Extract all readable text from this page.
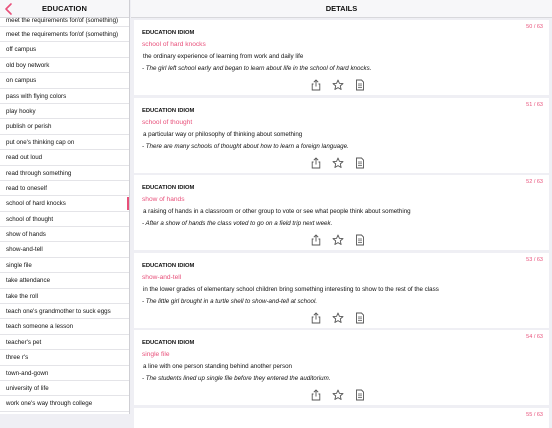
EDUCATION
meet the requirements for/of (something)
meet the requirements for/of (something)
off campus
old boy network
on campus
pass with flying colors
play hooky
publish or perish
put one's thinking cap on
read out loud
read through something
read to oneself
school of hard knocks
school of thought
show of hands
show-and-tell
single file
take attendance
take the roll
teach one's grandmother to suck eggs
teach someone a lesson
teacher's pet
three r's
town-and-gown
university of life
work one's way through college
DETAILS
50 / 63
EDUCATION IDIOM
school of hard knocks
the ordinary experience of learning from work and daily life
- The girl left school early and began to learn about life in the school of hard knocks.
51 / 63
EDUCATION IDIOM
school of thought
a particular way or philosophy of thinking about something
- There are many schools of thought about how to learn a foreign language.
52 / 63
EDUCATION IDIOM
show of hands
a raising of hands in a classroom or other group to vote or see what people think about something
- After a show of hands the class voted to go on a field trip next week.
53 / 63
EDUCATION IDIOM
show-and-tell
in the lower grades of elementary school children bring something interesting to show to the rest of the class
- The little girl brought in a turtle shell to show-and-tell at school.
54 / 63
EDUCATION IDIOM
single file
a line with one person standing behind another person
- The students lined up single file before they entered the auditorium.
55 / 63
